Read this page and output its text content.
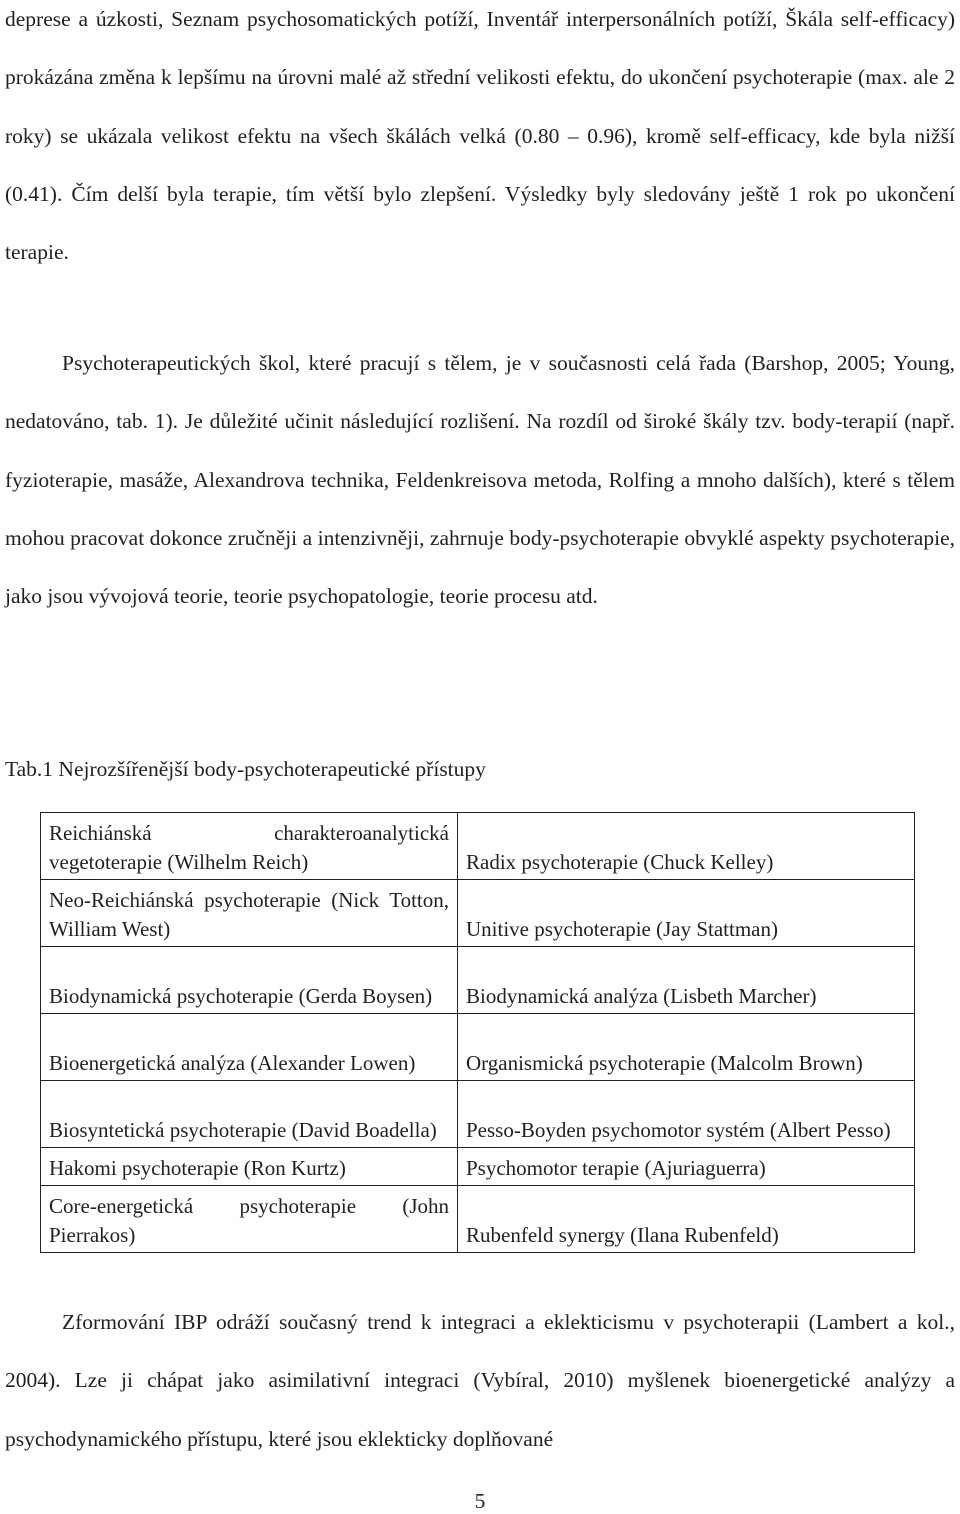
deprese a úzkosti, Seznam psychosomatických potíží, Inventář interpersonálních potíží, Škála self-efficacy) prokázána změna k lepšímu na úrovni malé až střední velikosti efektu, do ukončení psychoterapie (max. ale 2 roky) se ukázala velikost efektu na všech škálách velká (0.80 – 0.96), kromě self-efficacy, kde byla nižší (0.41). Čím delší byla terapie, tím větší bylo zlepšení. Výsledky byly sledovány ještě 1 rok po ukončení terapie.

Psychoterapeutických škol, které pracují s tělem, je v současnosti celá řada (Barshop, 2005; Young, nedatováno, tab. 1). Je důležité učinit následující rozlišení. Na rozdíl od široké škály tzv. body-terapií (např. fyzioterapie, masáže, Alexandrova technika, Feldenkreisova metoda, Rolfing a mnoho dalších), které s tělem mohou pracovat dokonce zručněji a intenzivněji, zahrnuje body-psychoterapie obvyklé aspekty psychoterapie, jako jsou vývojová teorie, teorie psychopatologie, teorie procesu atd.

Tab.1 Nejrozšířenější body-psychoterapeutické přístupy

Reichiánská charakteroanalytická vegetoterapie (Wilhelm Reich)	Radix psychoterapie (Chuck Kelley)

Neo-Reichiánská psychoterapie (Nick Totton, William West)	Unitive psychoterapie (Jay Stattman)

Biodynamická psychoterapie (Gerda Boysen)	Biodynamická analýza (Lisbeth Marcher)

Bioenergetická analýza (Alexander Lowen)	Organismická psychoterapie (Malcolm Brown)

Biosyntetická psychoterapie (David Boadella)	Pesso-Boyden psychomotor systém (Albert Pesso)

Hakomi psychoterapie (Ron Kurtz)	Psychomotor terapie (Ajuriaguerra)

Core-energetická psychoterapie (John Pierrakos)	Rubenfeld synergy (Ilana Rubenfeld)

Zformování IBP odráží současný trend k integraci a eklekticismu v psychoterapii (Lambert a kol., 2004). Lze ji chápat jako asimilativní integraci (Vybíral, 2010) myšlenek bioenergetické analýzy a psychodynamického přístupu, které jsou eklekticky doplňované

5
